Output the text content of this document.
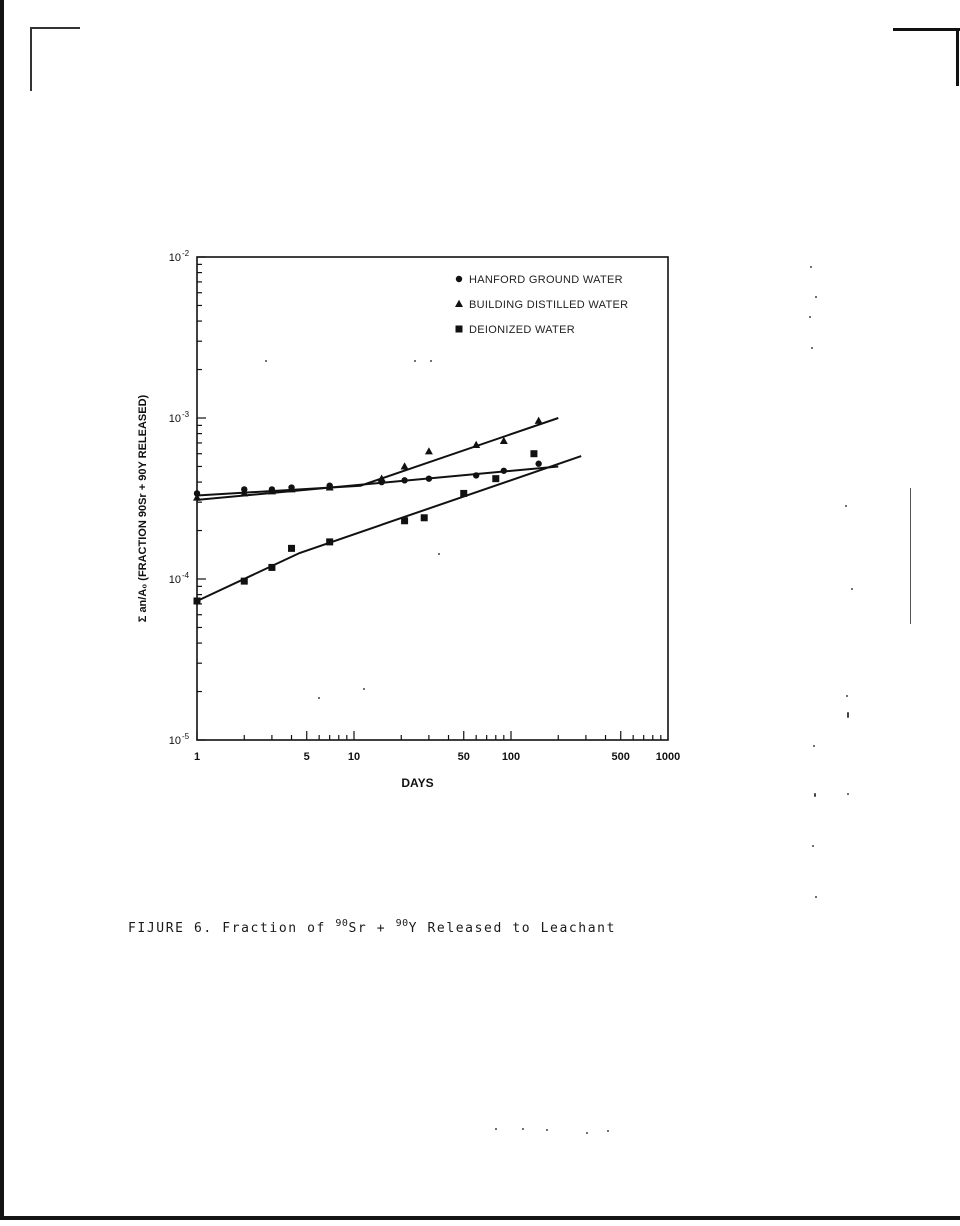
1	5	10	50	100	500 1000
10 -2
10 -3
10 -4
10 -5
DAYS
Σ an/A₀ (FRACTION 90Sr + 90Y RELEASED)
HANFORD GROUND WATER
BUILDING DISTILLED WATER
DEIONIZED WATER
FIJURE 6. Fraction of $^{90}$Sr + $^{90}$Y Released to Leachant
